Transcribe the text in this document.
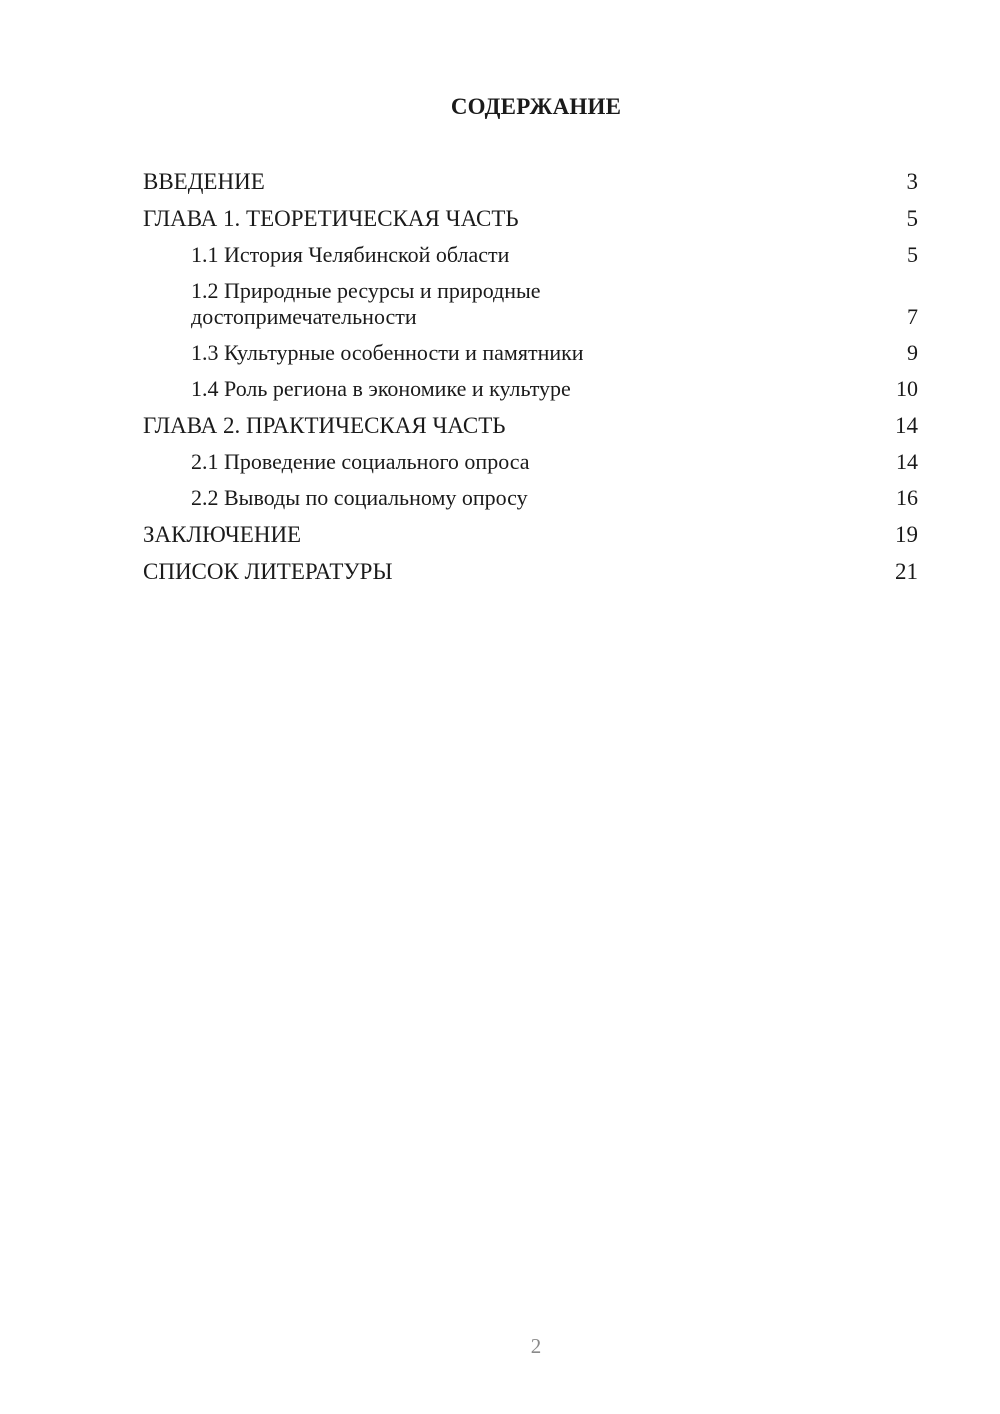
СОДЕРЖАНИЕ
ВВЕДЕНИЕ	3
ГЛАВА 1. ТЕОРЕТИЧЕСКАЯ ЧАСТЬ	5
1.1 История Челябинской области	5
1.2 Природные ресурсы и природные достопримечательности	7
1.3 Культурные особенности и памятники	9
1.4 Роль региона в экономике и культуре	10
ГЛАВА 2. ПРАКТИЧЕСКАЯ ЧАСТЬ	14
2.1 Проведение социального опроса	14
2.2 Выводы по социальному опросу	16
ЗАКЛЮЧЕНИЕ	19
СПИСОК ЛИТЕРАТУРЫ	21
2
